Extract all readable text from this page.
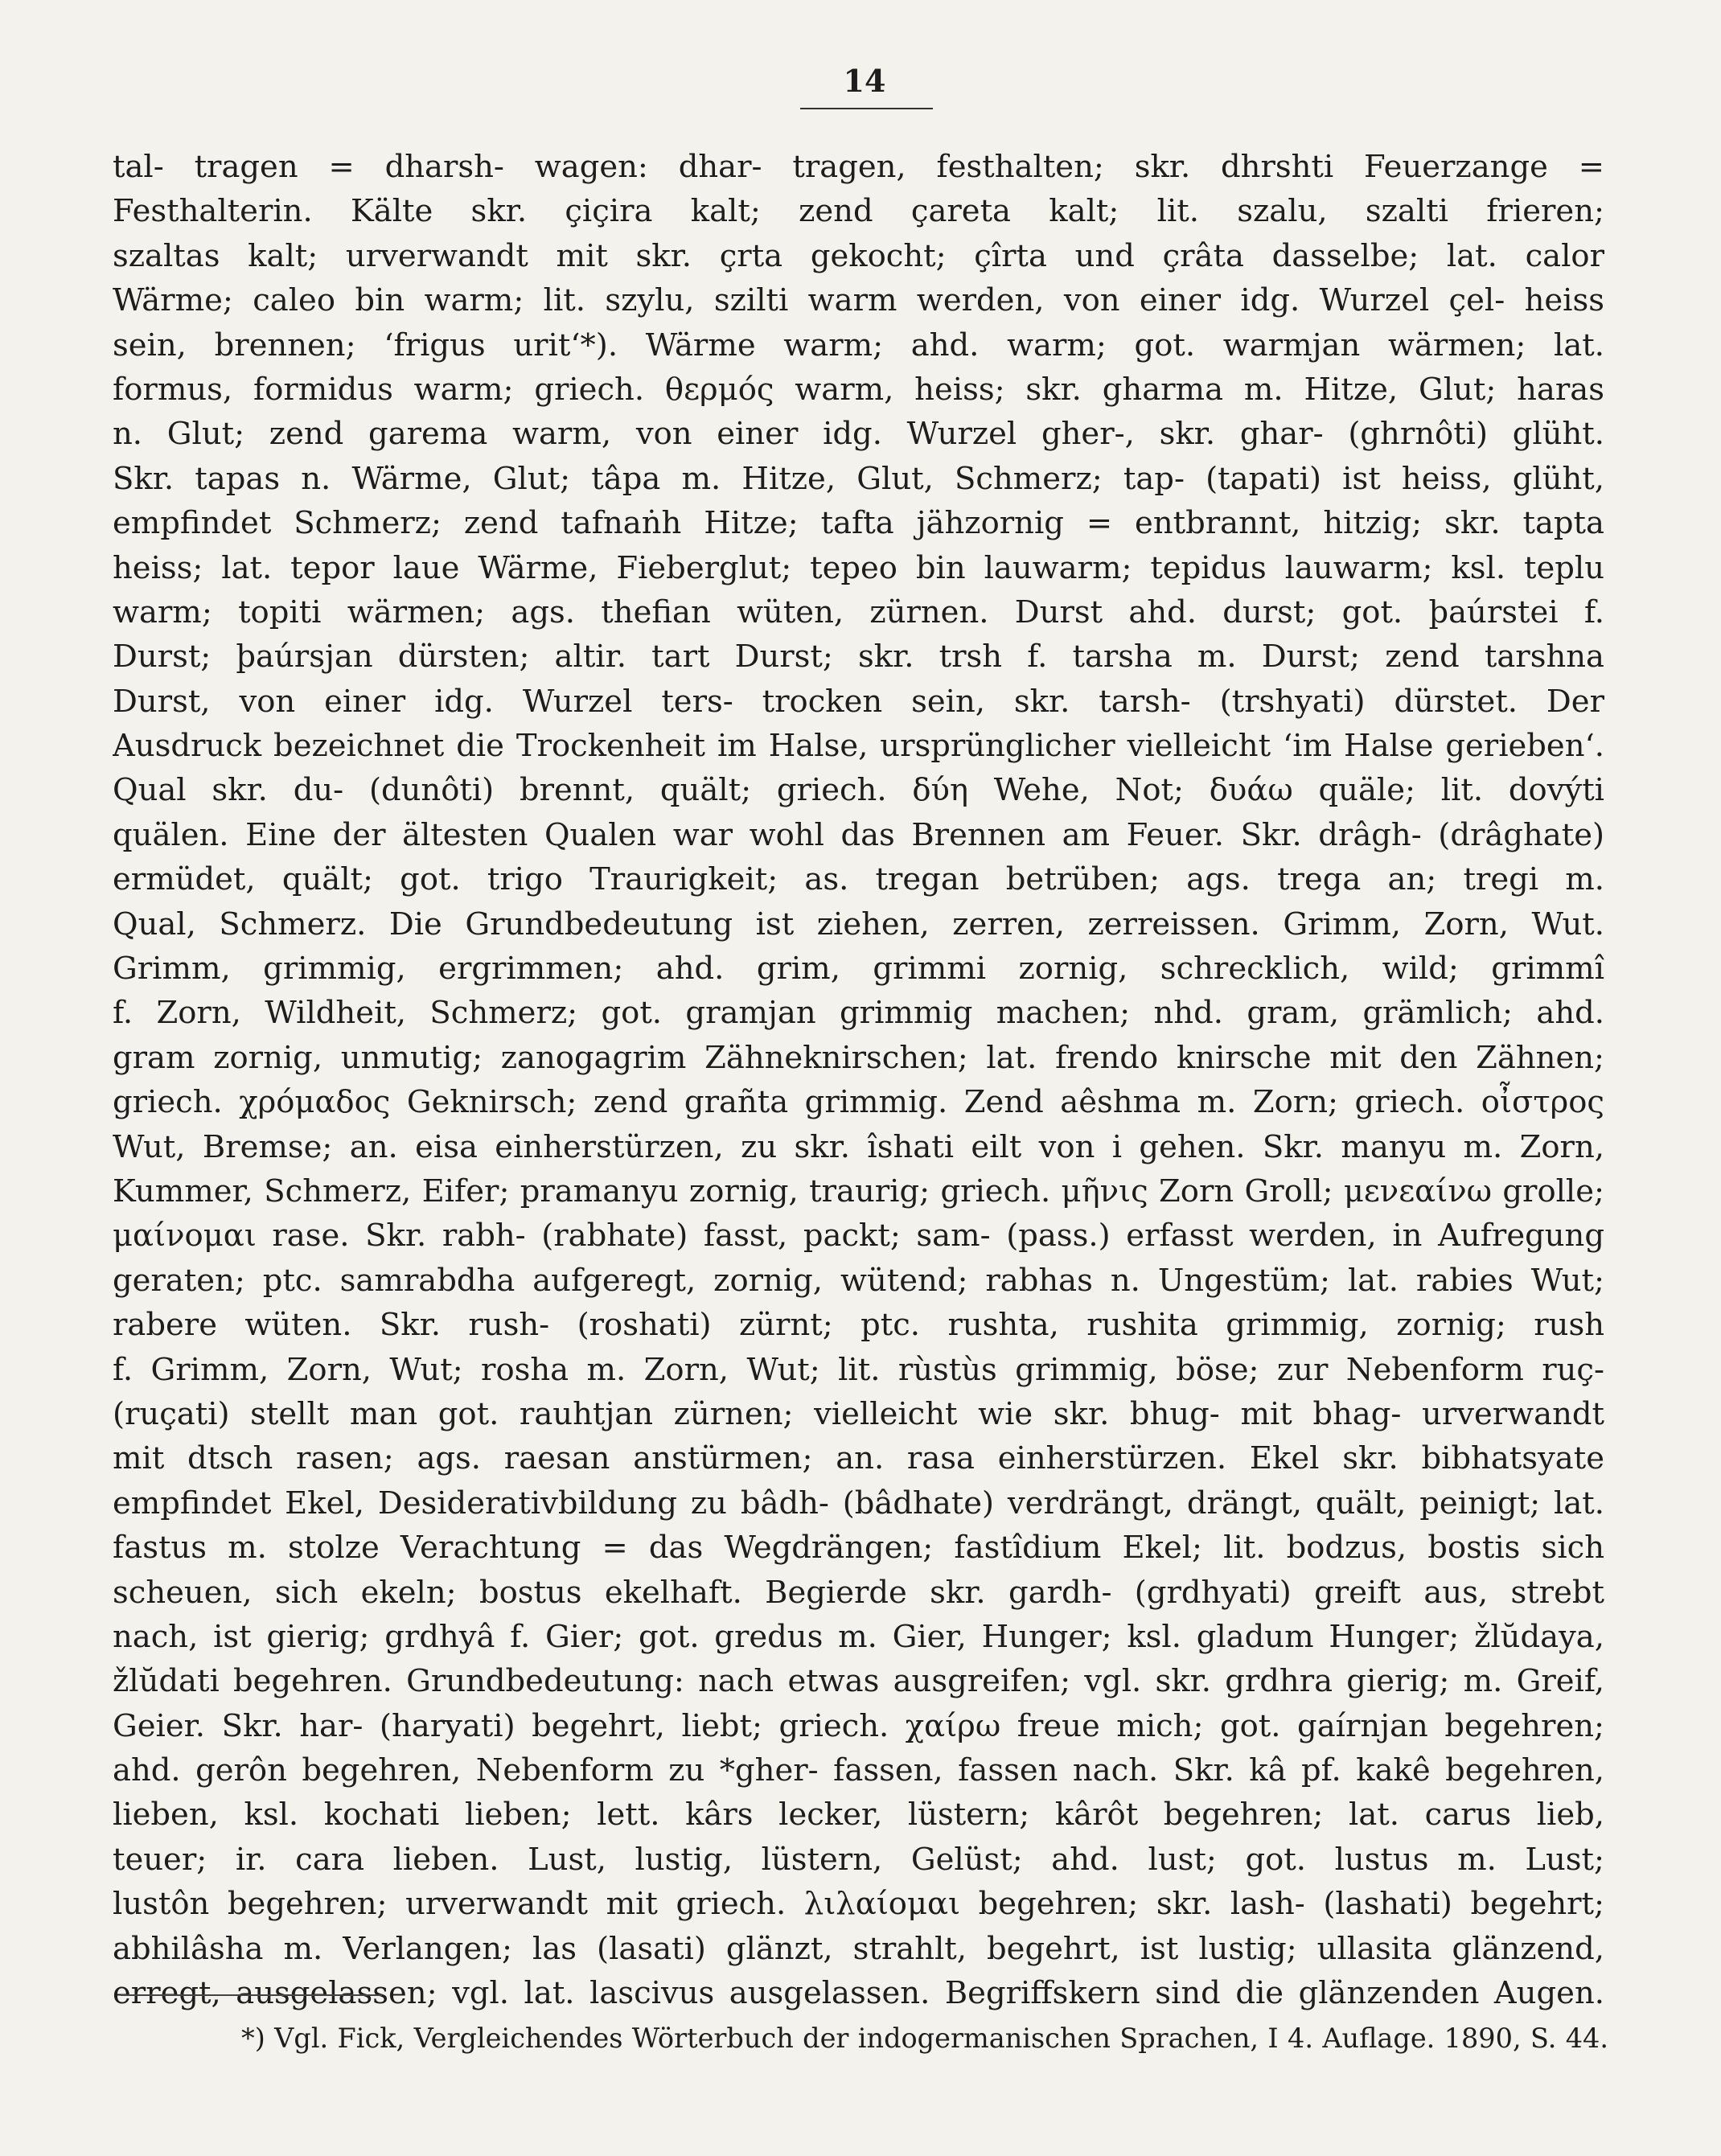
14
tal- tragen = dharsh- wagen: dhar- tragen, festhalten; skr. dhrshti Feuerzange =
Festhalterin. Kälte skr. çiçira kalt; zend çareta kalt; lit. szalu, szalti frieren;
szaltas kalt; urverwandt mit skr. çrta gekocht; çîrta und çrâta dasselbe; lat. calor
Wärme; caleo bin warm; lit. szylu, szilti warm werden, von einer idg. Wurzel çel- heiss
sein, brennen; ‘frigus urit‘*). Wärme warm; ahd. warm; got. warmjan wärmen; lat.
formus, formidus warm; griech. θερμός warm, heiss; skr. gharma m. Hitze, Glut; haras
n. Glut; zend garema warm, von einer idg. Wurzel gher-, skr. ghar- (ghrnôti) glüht.
Skr. tapas n. Wärme, Glut; tâpa m. Hitze, Glut, Schmerz; tap- (tapati) ist heiss, glüht,
empfindet Schmerz; zend tafnaṅh Hitze; tafta jähzornig = entbrannt, hitzig; skr. tapta
heiss; lat. tepor laue Wärme, Fieberglut; tepeo bin lauwarm; tepidus lauwarm; ksl. teplu
warm; topiti wärmen; ags. thefian wüten, zürnen. Durst ahd. durst; got. þaúrstei f.
Durst; þaúrsjan dürsten; altir. tart Durst; skr. trsh f. tarsha m. Durst; zend tarshna
Durst, von einer idg. Wurzel ters- trocken sein, skr. tarsh- (trshyati) dürstet. Der
Ausdruck bezeichnet die Trockenheit im Halse, ursprünglicher vielleicht ‘im Halse gerieben‘.
Qual skr. du- (dunôti) brennt, quält; griech. δύη Wehe, Not; δυάω quäle; lit. dovýti
quälen. Eine der ältesten Qualen war wohl das Brennen am Feuer. Skr. drâgh- (drâghate)
ermüdet, quält; got. trigo Traurigkeit; as. tregan betrüben; ags. trega an; tregi m.
Qual, Schmerz. Die Grundbedeutung ist ziehen, zerren, zerreissen. Grimm, Zorn, Wut.
Grimm, grimmig, ergrimmen; ahd. grim, grimmi zornig, schrecklich, wild; grimmî
f. Zorn, Wildheit, Schmerz; got. gramjan grimmig machen; nhd. gram, grämlich; ahd.
gram zornig, unmutig; zanogagrim Zähneknirschen; lat. frendo knirsche mit den Zähnen;
griech. χρόμαδος Geknirsch; zend grañta grimmig. Zend aêshma m. Zorn; griech. οἶστρος
Wut, Bremse; an. eisa einherstürzen, zu skr. îshati eilt von i gehen. Skr. manyu m. Zorn,
Kummer, Schmerz, Eifer; pramanyu zornig, traurig; griech. μῆνις Zorn Groll; μενεαίνω grolle;
μαίνομαι rase. Skr. rabh- (rabhate) fasst, packt; sam- (pass.) erfasst werden, in Aufregung
geraten; ptc. samrabdha aufgeregt, zornig, wütend; rabhas n. Ungestüm; lat. rabies Wut;
rabere wüten. Skr. rush- (roshati) zürnt; ptc. rushta, rushita grimmig, zornig; rush
f. Grimm, Zorn, Wut; rosha m. Zorn, Wut; lit. rùstùs grimmig, böse; zur Nebenform ruç-
(ruçati) stellt man got. rauhtjan zürnen; vielleicht wie skr. bhug- mit bhag- urverwandt
mit dtsch rasen; ags. raesan anstürmen; an. rasa einherstürzen. Ekel skr. bibhatsyate
empfindet Ekel, Desiderativbildung zu bâdh- (bâdhate) verdrängt, drängt, quält, peinigt; lat.
fastus m. stolze Verachtung = das Wegdrängen; fastîdium Ekel; lit. bodzus, bostis sich
scheuen, sich ekeln; bostus ekelhaft. Begierde skr. gardh- (grdhyati) greift aus, strebt
nach, ist gierig; grdhyâ f. Gier; got. gredus m. Gier, Hunger; ksl. gladum Hunger; žlŭdaya,
žlŭdati begehren. Grundbedeutung: nach etwas ausgreifen; vgl. skr. grdhra gierig; m. Greif,
Geier. Skr. har- (haryati) begehrt, liebt; griech. χαίρω freue mich; got. gaírnjan begehren;
ahd. gerôn begehren, Nebenform zu *gher- fassen, fassen nach. Skr. kâ pf. kakê begehren,
lieben, ksl. kochati lieben; lett. kârs lecker, lüstern; kârôt begehren; lat. carus lieb,
teuer; ir. cara lieben. Lust, lustig, lüstern, Gelüst; ahd. lust; got. lustus m. Lust;
lustôn begehren; urverwandt mit griech. λιλαίομαι begehren; skr. lash- (lashati) begehrt;
abhilâsha m. Verlangen; las (lasati) glänzt, strahlt, begehrt, ist lustig; ullasita glänzend,
erregt, ausgelassen; vgl. lat. lascivus ausgelassen. Begriffskern sind die glänzenden Augen.
*) Vgl. Fick, Vergleichendes Wörterbuch der indogermanischen Sprachen, I 4. Auflage. 1890, S. 44.
